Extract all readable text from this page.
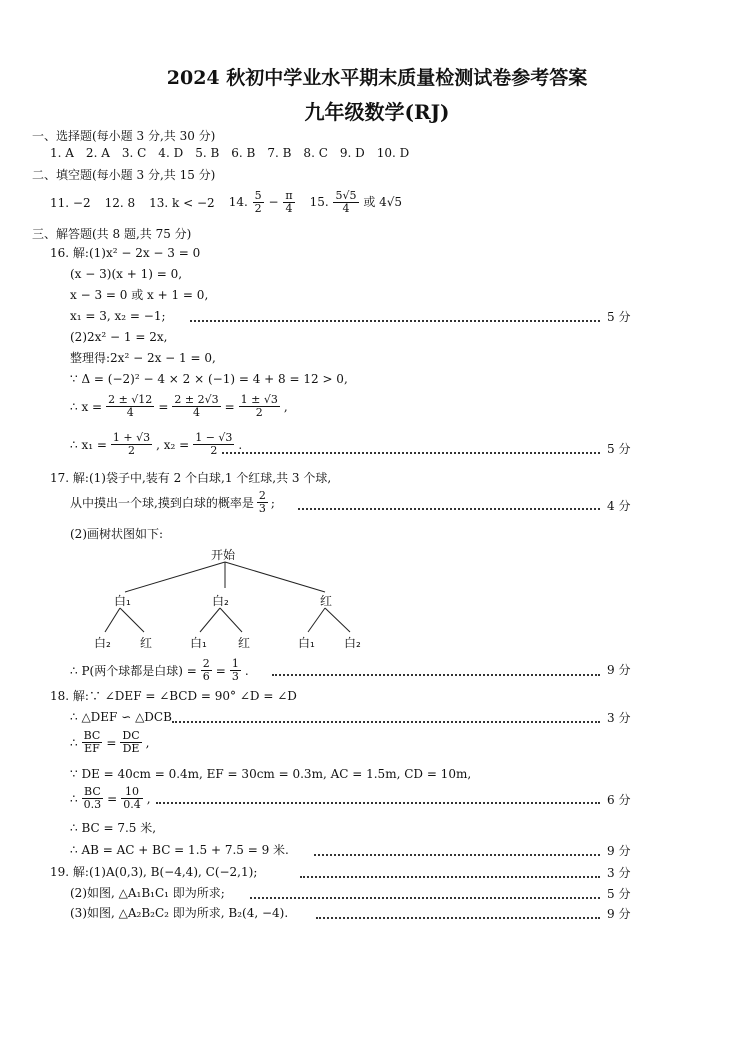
2024 秋初中学业水平期末质量检测试卷参考答案
九年级数学(RJ)
一、选择题(每小题 3 分,共 30 分)
1. A　2. A　3. C　4. D　5. B　6. B　7. B　8. C　9. D　10. D
二、填空题(每小题 3 分,共 15 分)
11. −2 12. 8 13. k < −2 14. $\frac{5}{2} - \frac{\pi}{4} 15$. $\frac{5√5}{4}$ 或 4√5
三、解答题(共 8 题,共 75 分)
16. 解:(1)x² − 2x − 3 = 0
(x − 3)(x + 1) = 0,
x − 3 = 0 或 x + 1 = 0,
x₁ = 3, x₂ = −1;	5 分
(2)2x² − 1 = 2x,
整理得:2x² − 2x − 1 = 0,
∵ Δ = (−2)² − 4 × 2 × (−1) = 4 + 8 = 12 > 0,
∴ $x = \frac{2 \pm √12}{4} = \frac{2 \pm 2√3}{4} = \frac{1 \pm √3}{2}$ ,
∴ $x_1 = \frac{1 + √3}{2}$ , $x_2 = \frac{1 - √3}{2}$ .	5 分
17. 解:(1)袋子中,装有 2 个白球,1 个红球,共 3 个球,
从中摸出一个球,摸到白球的概率是 $\frac{2}{3}$ ;	4 分
(2)画树状图如下:
开始
白₁	白₂	红
白₂ 红	白₁	红	白₁ 白₂
∴ P(两个球都是白球) = $\frac{2}{6} = \frac{1}{3}$ .	9 分
18. 解:∵ ∠DEF = ∠BCD = 90° ∠D = ∠D
∴ △DEF ∽ △DCB	3 分
∴ $\frac{BC}{EF} = \frac{DC}{DE}$ ,
∵ DE = 40cm = 0.4m, EF = 30cm = 0.3m, AC = 1.5m, CD = 10m,
∴ $\frac{BC}{0.3} = \frac{10}{0.4}$ ,	6 分
∴ BC = 7.5 米,
∴ AB = AC + BC = 1.5 + 7.5 = 9 米.	9 分
19. 解:(1)A(0,3), B(−4,4), C(−2,1);	3 分
(2)如图, △A₁B₁C₁ 即为所求;	5 分
(3)如图, △A₂B₂C₂ 即为所求, B₂(4, −4).	9 分
